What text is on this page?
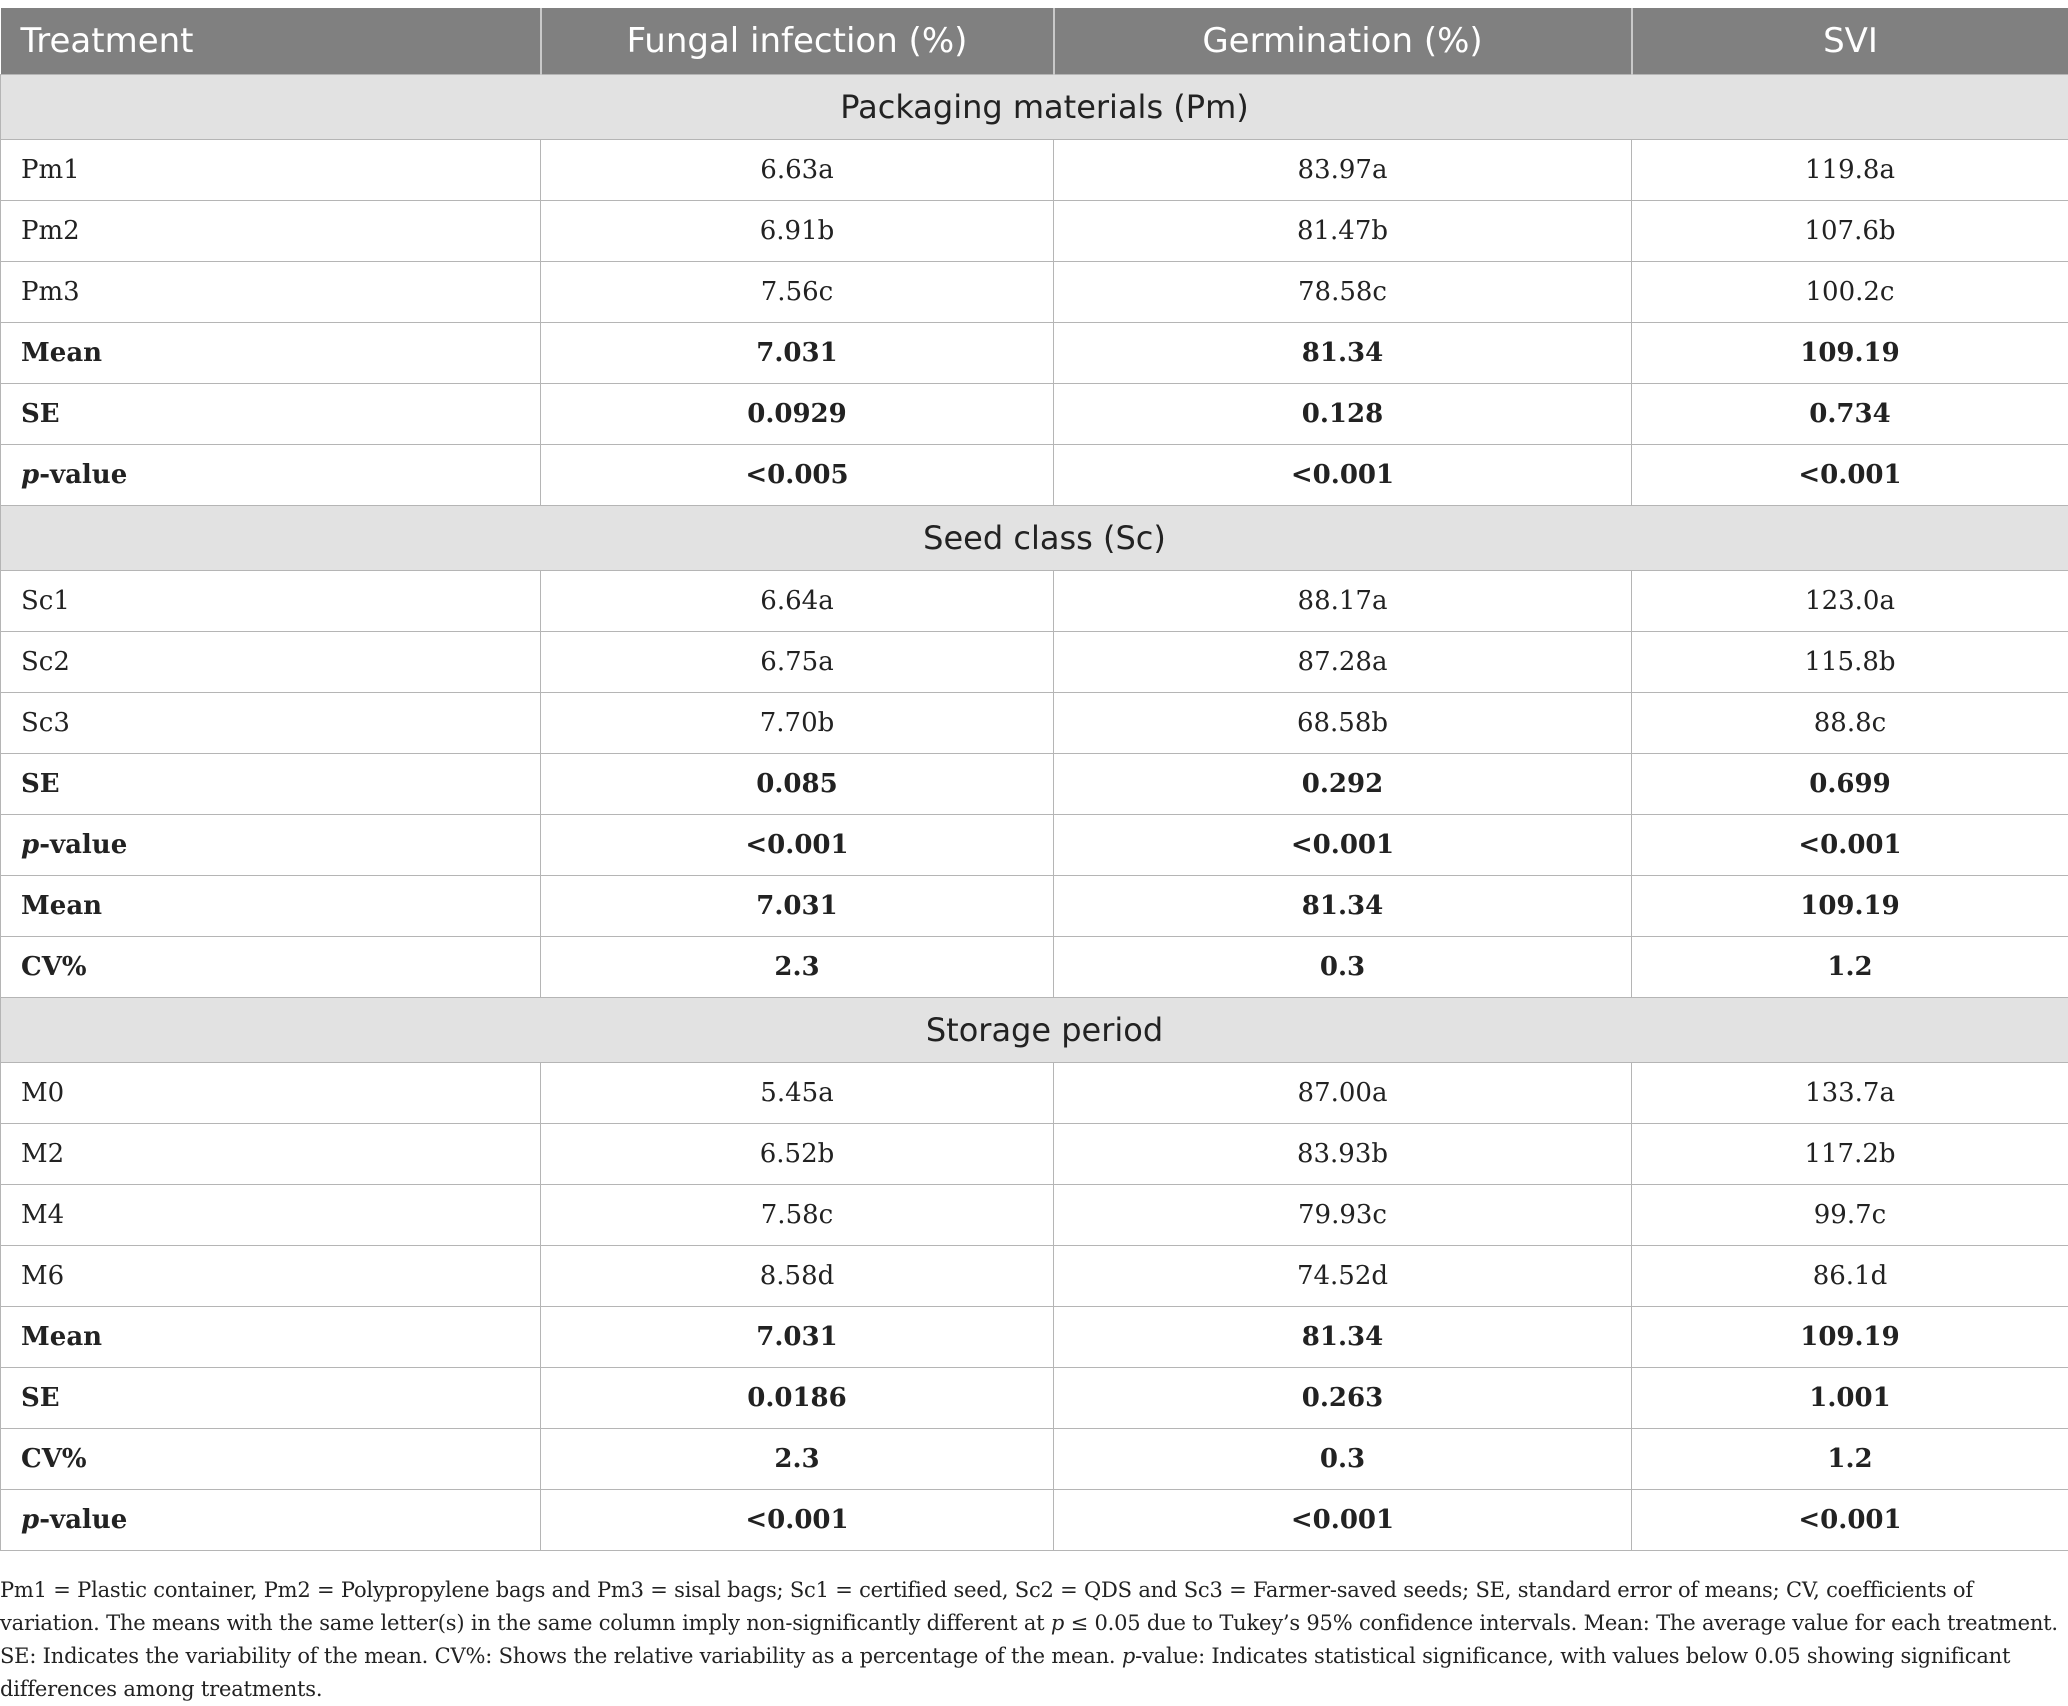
Treatment	Fungal infection (%)	Germination (%)	SVI
Packaging materials (Pm)			
Pm1	6.63a	83.97a	119.8a
Pm2	6.91b	81.47b	107.6b
Pm3	7.56c	78.58c	100.2c
Mean	7.031	81.34	109.19
SE	0.0929	0.128	0.734
p-value	<0.005	<0.001	<0.001
Seed class (Sc)			
Sc1	6.64a	88.17a	123.0a
Sc2	6.75a	87.28a	115.8b
Sc3	7.70b	68.58b	88.8c
SE	0.085	0.292	0.699
p-value	<0.001	<0.001	<0.001
Mean	7.031	81.34	109.19
CV%	2.3	0.3	1.2
Storage period			
M0	5.45a	87.00a	133.7a
M2	6.52b	83.93b	117.2b
M4	7.58c	79.93c	99.7c
M6	8.58d	74.52d	86.1d
Mean	7.031	81.34	109.19
SE	0.0186	0.263	1.001
CV%	2.3	0.3	1.2
p-value	<0.001	<0.001	<0.001
Pm1 = Plastic container, Pm2 = Polypropylene bags and Pm3 = sisal bags; Sc1 = certified seed, Sc2 = QDS and Sc3 = Farmer-saved seeds; SE, standard error of means; CV, coefficients of variation. The means with the same letter(s) in the same column imply non-significantly different at p ≤ 0.05 due to Tukey’s 95% confidence intervals. Mean: The average value for each treatment. SE: Indicates the variability of the mean. CV%: Shows the relative variability as a percentage of the mean. p-value: Indicates statistical significance, with values below 0.05 showing significant differences among treatments.
